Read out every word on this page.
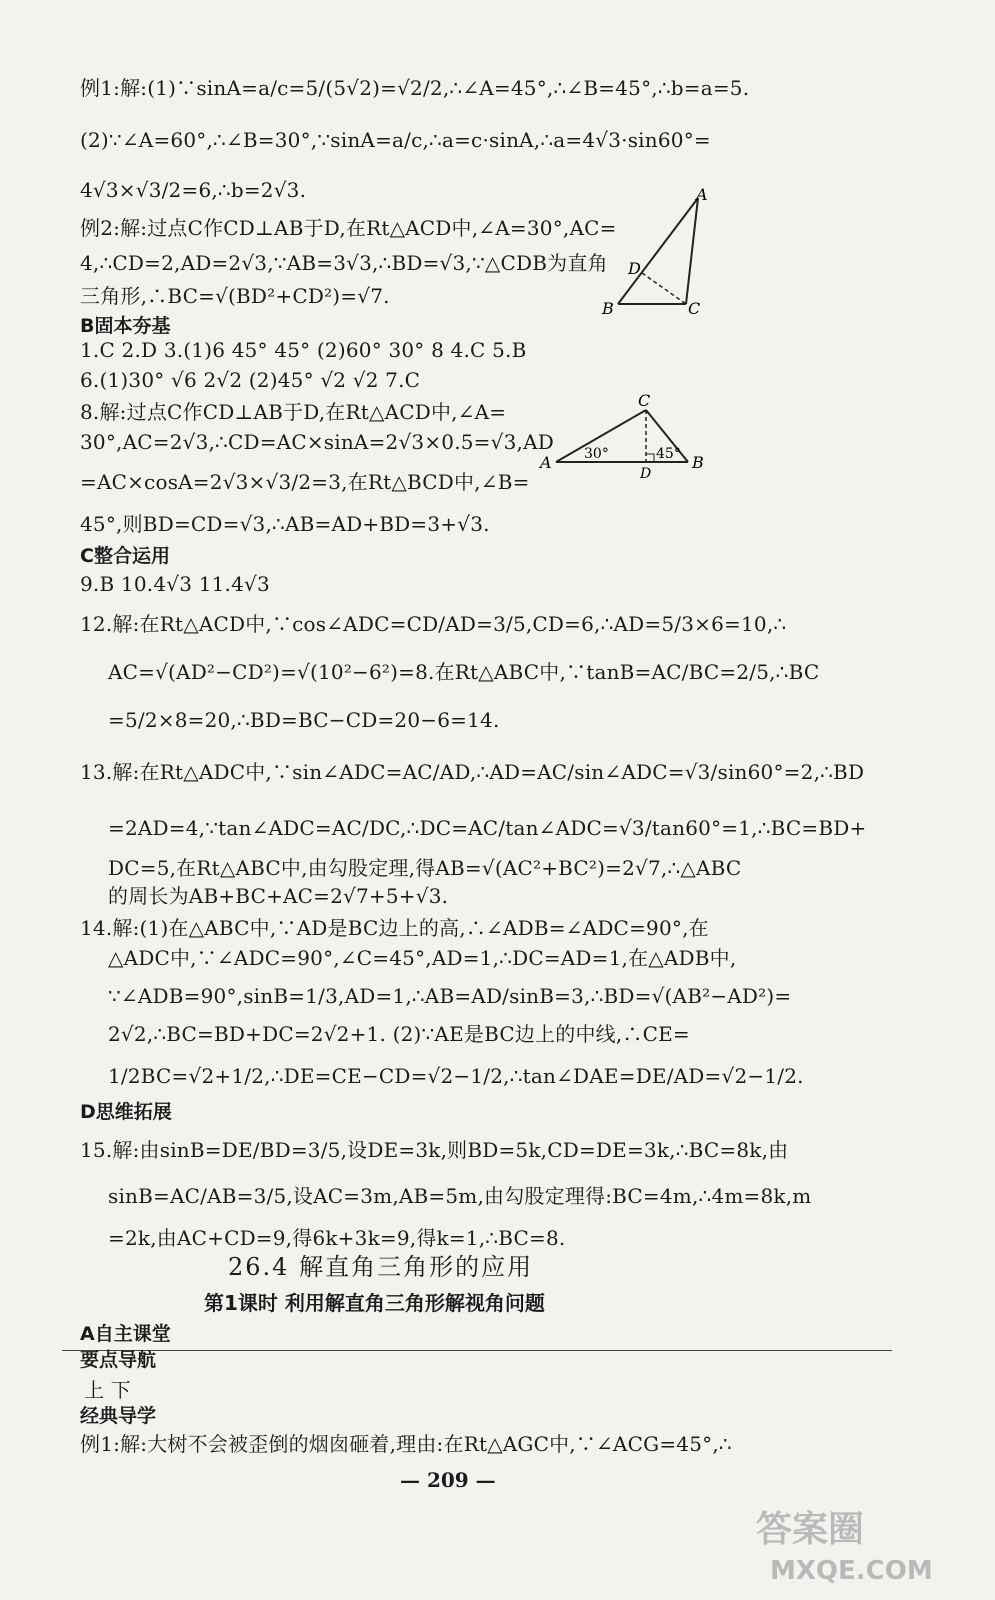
例1:解:(1)∵sinA=a/c=5/(5√2)=√2/2,∴∠A=45°,∴∠B=45°,∴b=a=5.
(2)∵∠A=60°,∴∠B=30°,∵sinA=a/c,∴a=c·sinA,∴a=4√3·sin60°=
4√3×√3/2=6,∴b=2√3.
例2:解:过点C作CD⊥AB于D,在Rt△ACD中,∠A=30°,AC=
4,∴CD=2,AD=2√3,∵AB=3√3,∴BD=√3,∵△CDB为直角
三角形,∴BC=√(BD²+CD²)=√7.
A
B	C
D
B固本夯基
1.C 2.D 3.(1)6 45° 45° (2)60° 30° 8 4.C 5.B
6.(1)30° √6 2√2 (2)45° √2 √2 7.C
8.解:过点C作CD⊥AB于D,在Rt△ACD中,∠A=
30°,AC=2√3,∴CD=AC×sinA=2√3×0.5=√3,AD
=AC×cosA=2√3×√3/2=3,在Rt△BCD中,∠B=
45°,则BD=CD=√3,∴AB=AD+BD=3+√3.
C
A	B
D
30°	45°
C整合运用
9.B 10.4√3 11.4√3
12.解:在Rt△ACD中,∵cos∠ADC=CD/AD=3/5,CD=6,∴AD=5/3×6=10,∴
AC=√(AD²−CD²)=√(10²−6²)=8.在Rt△ABC中,∵tanB=AC/BC=2/5,∴BC
=5/2×8=20,∴BD=BC−CD=20−6=14.
13.解:在Rt△ADC中,∵sin∠ADC=AC/AD,∴AD=AC/sin∠ADC=√3/sin60°=2,∴BD
=2AD=4,∵tan∠ADC=AC/DC,∴DC=AC/tan∠ADC=√3/tan60°=1,∴BC=BD+
DC=5,在Rt△ABC中,由勾股定理,得AB=√(AC²+BC²)=2√7,∴△ABC
的周长为AB+BC+AC=2√7+5+√3.
14.解:(1)在△ABC中,∵AD是BC边上的高,∴∠ADB=∠ADC=90°,在
△ADC中,∵∠ADC=90°,∠C=45°,AD=1,∴DC=AD=1,在△ADB中,
∵∠ADB=90°,sinB=1/3,AD=1,∴AB=AD/sinB=3,∴BD=√(AB²−AD²)=
2√2,∴BC=BD+DC=2√2+1. (2)∵AE是BC边上的中线,∴CE=
1/2BC=√2+1/2,∴DE=CE−CD=√2−1/2,∴tan∠DAE=DE/AD=√2−1/2.
D思维拓展
15.解:由sinB=DE/BD=3/5,设DE=3k,则BD=5k,CD=DE=3k,∴BC=8k,由
sinB=AC/AB=3/5,设AC=3m,AB=5m,由勾股定理得:BC=4m,∴4m=8k,m
=2k,由AC+CD=9,得6k+3k=9,得k=1,∴BC=8.
26.4 解直角三角形的应用
第1课时 利用解直角三角形解视角问题
A自主课堂
要点导航
上 下
经典导学
例1:解:大树不会被歪倒的烟囱砸着,理由:在Rt△AGC中,∵∠ACG=45°,∴
— 209 —
答案圈
MXQE.COM
